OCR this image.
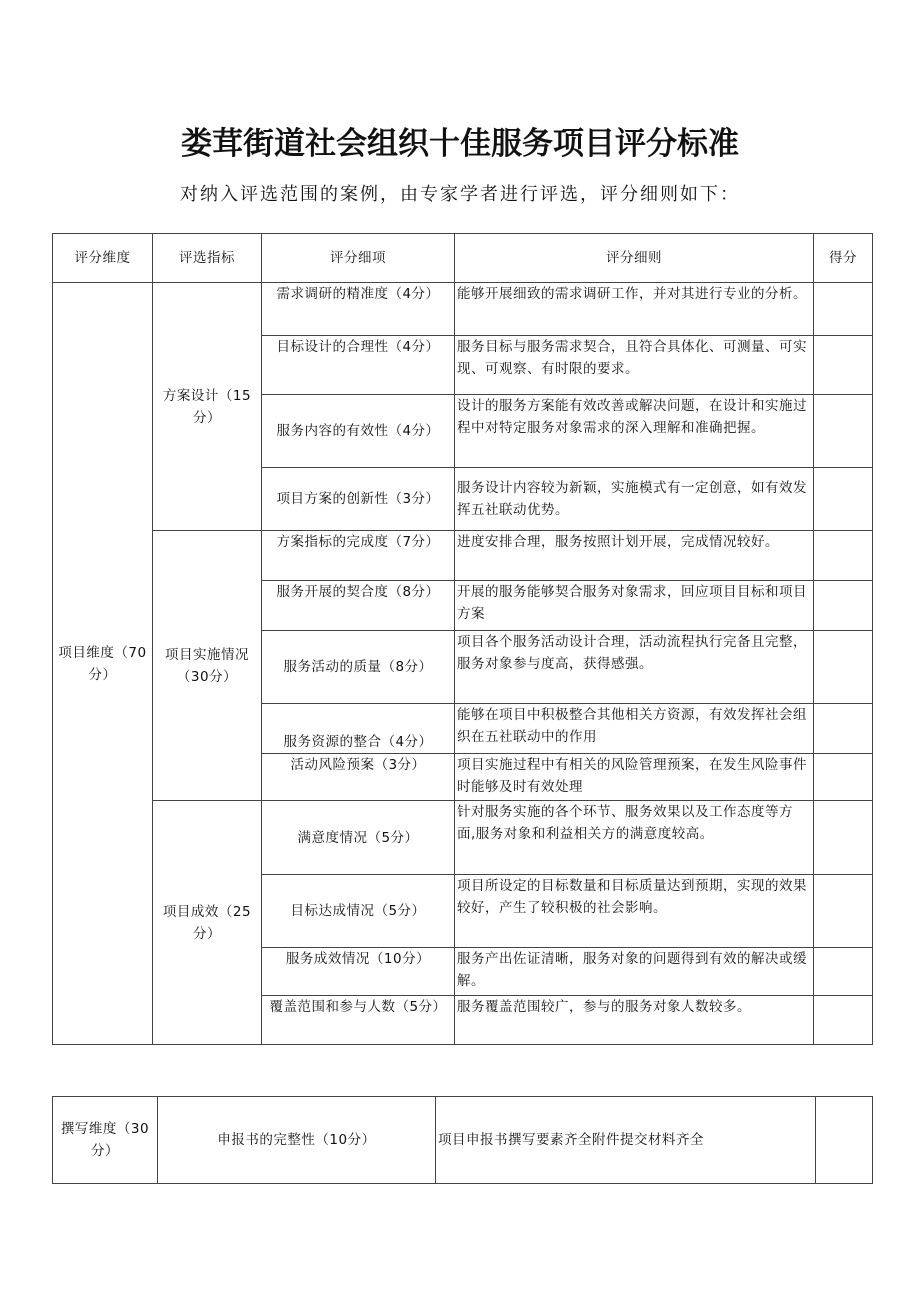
娄茸街道社会组织十佳服务项目评分标准
对纳入评选范围的案例，由专家学者进行评选，评分细则如下：
评分维度	评选指标	评分细项	评分细则	得分
项目维度（70分）	方案设计（15分）	需求调研的精准度（4分）	能够开展细致的需求调研工作，并对其进行专业的分析。	
		目标设计的合理性（4分）	服务目标与服务需求契合，且符合具体化、可测量、可实现、可观察、有时限的要求。	
		服务内容的有效性（4分）	设计的服务方案能有效改善或解决问题，在设计和实施过程中对特定服务对象需求的深入理解和准确把握。	
		项目方案的创新性（3分）	服务设计内容较为新颖，实施模式有一定创意，如有效发挥五社联动优势。	
	项目实施情况（30分）	方案指标的完成度（7分）	进度安排合理，服务按照计划开展，完成情况较好。	
		服务开展的契合度（8分）	开展的服务能够契合服务对象需求，回应项目目标和项目方案	
		服务活动的质量（8分）	项目各个服务活动设计合理，活动流程执行完备且完整，服务对象参与度高，获得感强。	
		服务资源的整合（4分）	能够在项目中积极整合其他相关方资源，有效发挥社会组织在五社联动中的作用	
		活动风险预案（3分）	项目实施过程中有相关的风险管理预案，在发生风险事件时能够及时有效处理	
	项目成效（25分）	满意度情况（5分）	针对服务实施的各个环节、服务效果以及工作态度等方面,服务对象和利益相关方的满意度较高。	
		目标达成情况（5分）	项目所设定的目标数量和目标质量达到预期，实现的效果较好，产生了较积极的社会影响。	
		服务成效情况（10分）	服务产出佐证清晰，服务对象的问题得到有效的解决或缓解。	
		覆盖范围和参与人数（5分）	服务覆盖范围较广，参与的服务对象人数较多。	
撰写维度（30分）	申报书的完整性（10分）	项目申报书撰写要素齐全附件提交材料齐全	
